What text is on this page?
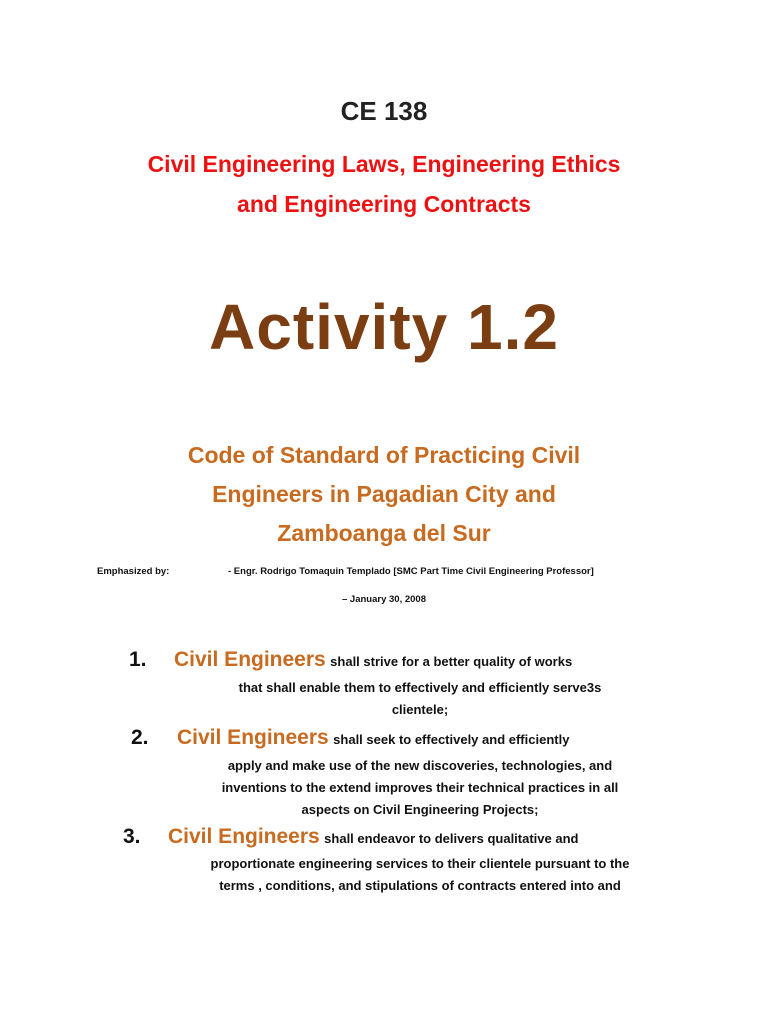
CE 138
Civil Engineering Laws, Engineering Ethics
and Engineering Contracts
Activity 1.2
Code of Standard of Practicing Civil
Engineers in Pagadian City and
Zamboanga del Sur
Emphasized by:	- Engr. Rodrigo Tomaquin Templado [SMC Part Time Civil Engineering Professor]
– January 30, 2008
1. Civil Engineers shall strive for a better quality of works
that shall enable them to effectively and efficiently serve3s
clientele;
2. Civil Engineers shall seek to effectively and efficiently
apply and make use of the new discoveries, technologies, and
inventions to the extend improves their technical practices in all
aspects on Civil Engineering Projects;
3. Civil Engineers shall endeavor to delivers qualitative and
proportionate engineering services to their clientele pursuant to the
terms , conditions, and stipulations of contracts entered into and
